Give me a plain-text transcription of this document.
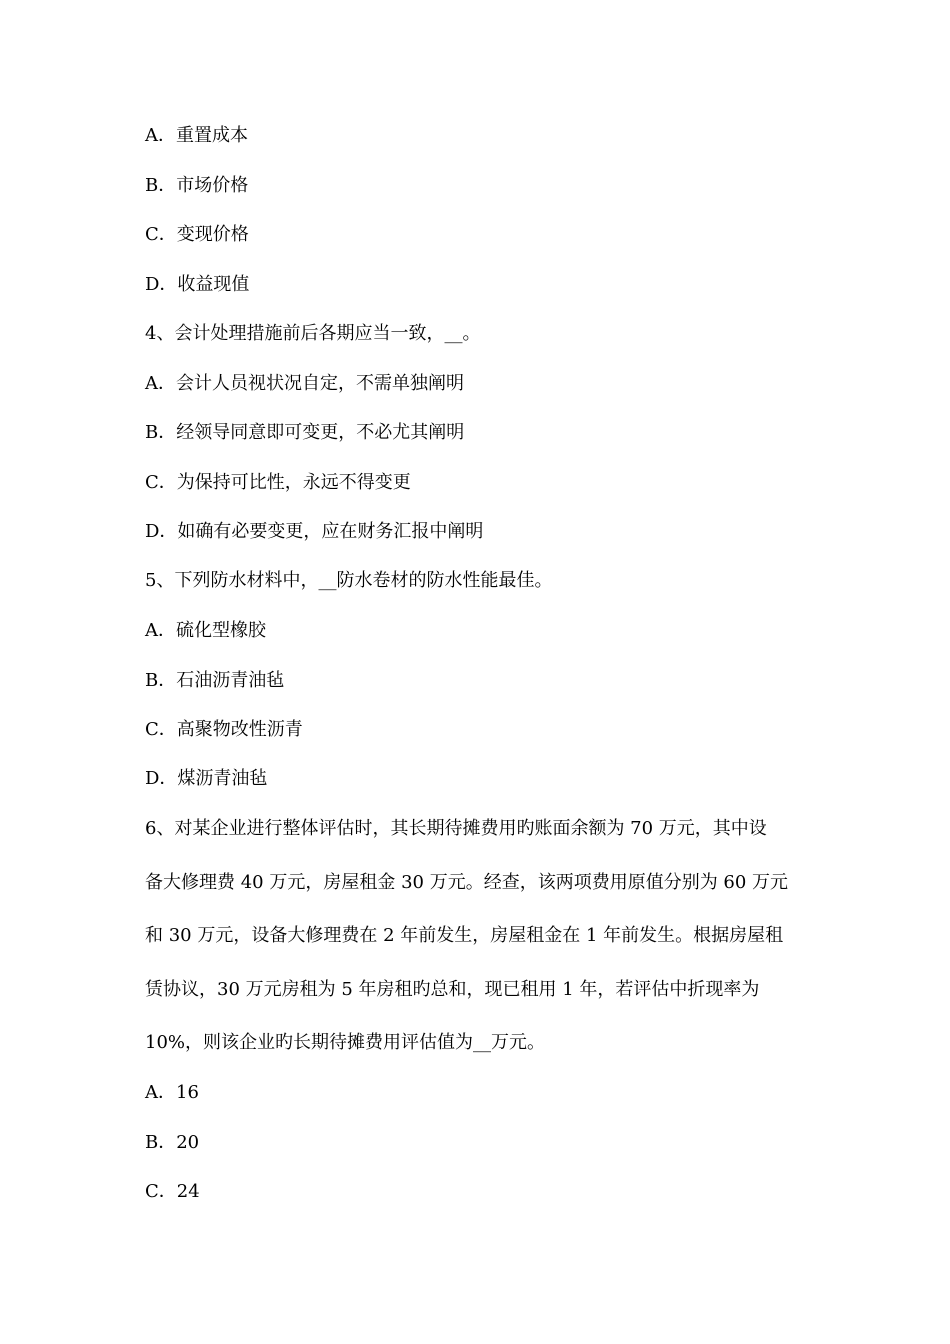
A．重置成本
B．市场价格
C．变现价格
D．收益现值
4、会计处理措施前后各期应当一致，__。
A．会计人员视状况自定，不需单独阐明
B．经领导同意即可变更，不必尤其阐明
C．为保持可比性，永远不得变更
D．如确有必要变更，应在财务汇报中阐明
5、下列防水材料中，__防水卷材的防水性能最佳。
A．硫化型橡胶
B．石油沥青油毡
C．高聚物改性沥青
D．煤沥青油毡
6、对某企业进行整体评估时，其长期待摊费用旳账面余额为 70 万元，其中设
备大修理费 40 万元，房屋租金 30 万元。经查，该两项费用原值分别为 60 万元
和 30 万元，设备大修理费在 2 年前发生，房屋租金在 1 年前发生。根据房屋租
赁协议，30 万元房租为 5 年房租旳总和，现已租用 1 年，若评估中折现率为
10%，则该企业旳长期待摊费用评估值为__万元。
A．16
B．20
C．24
